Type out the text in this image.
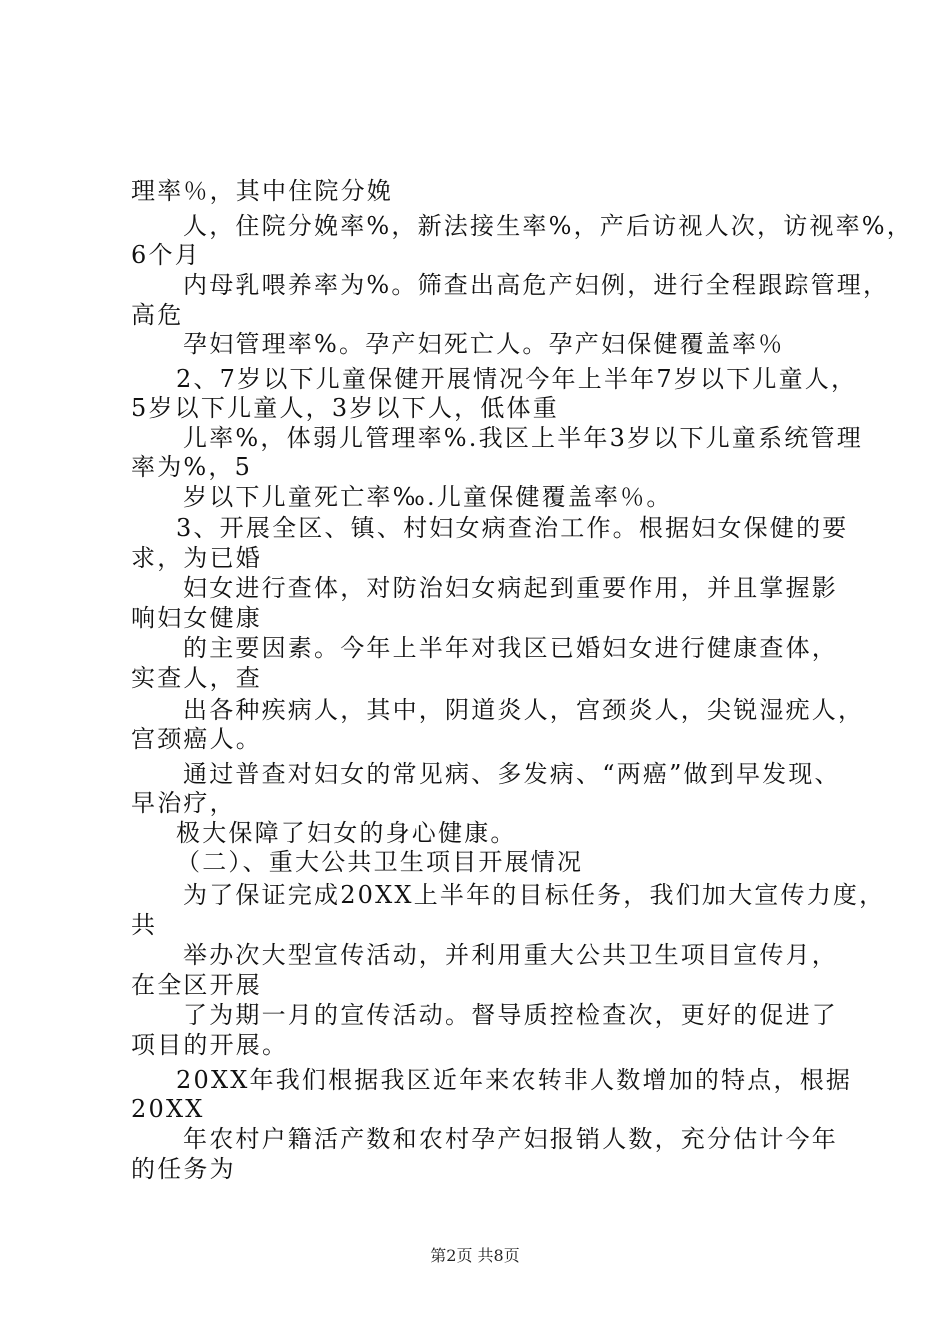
理率％，其中住院分娩
人，住院分娩率%，新法接生率%，产后访视人次，访视率%，
6个月
内母乳喂养率为%。筛查出高危产妇例，进行全程跟踪管理，
高危
孕妇管理率%。孕产妇死亡人。孕产妇保健覆盖率％
2、7岁以下儿童保健开展情况今年上半年7岁以下儿童人，
5岁以下儿童人，3岁以下人，低体重
儿率%，体弱儿管理率%.我区上半年3岁以下儿童系统管理
率为%，5
岁以下儿童死亡率‰.儿童保健覆盖率％。
3、开展全区、镇、村妇女病查治工作。根据妇女保健的要
求，为已婚
妇女进行查体，对防治妇女病起到重要作用，并且掌握影
响妇女健康
的主要因素。今年上半年对我区已婚妇女进行健康查体，
实查人，查
出各种疾病人，其中，阴道炎人，宫颈炎人，尖锐湿疣人，
宫颈癌人。
通过普查对妇女的常见病、多发病、“两癌”做到早发现、
早治疗，
极大保障了妇女的身心健康。
（二）、重大公共卫生项目开展情况
为了保证完成20XX上半年的目标任务，我们加大宣传力度，
共
举办次大型宣传活动，并利用重大公共卫生项目宣传月，
在全区开展
了为期一月的宣传活动。督导质控检查次，更好的促进了
项目的开展。
20XX年我们根据我区近年来农转非人数增加的特点，根据
20XX
年农村户籍活产数和农村孕产妇报销人数，充分估计今年
的任务为
第2页 共8页
